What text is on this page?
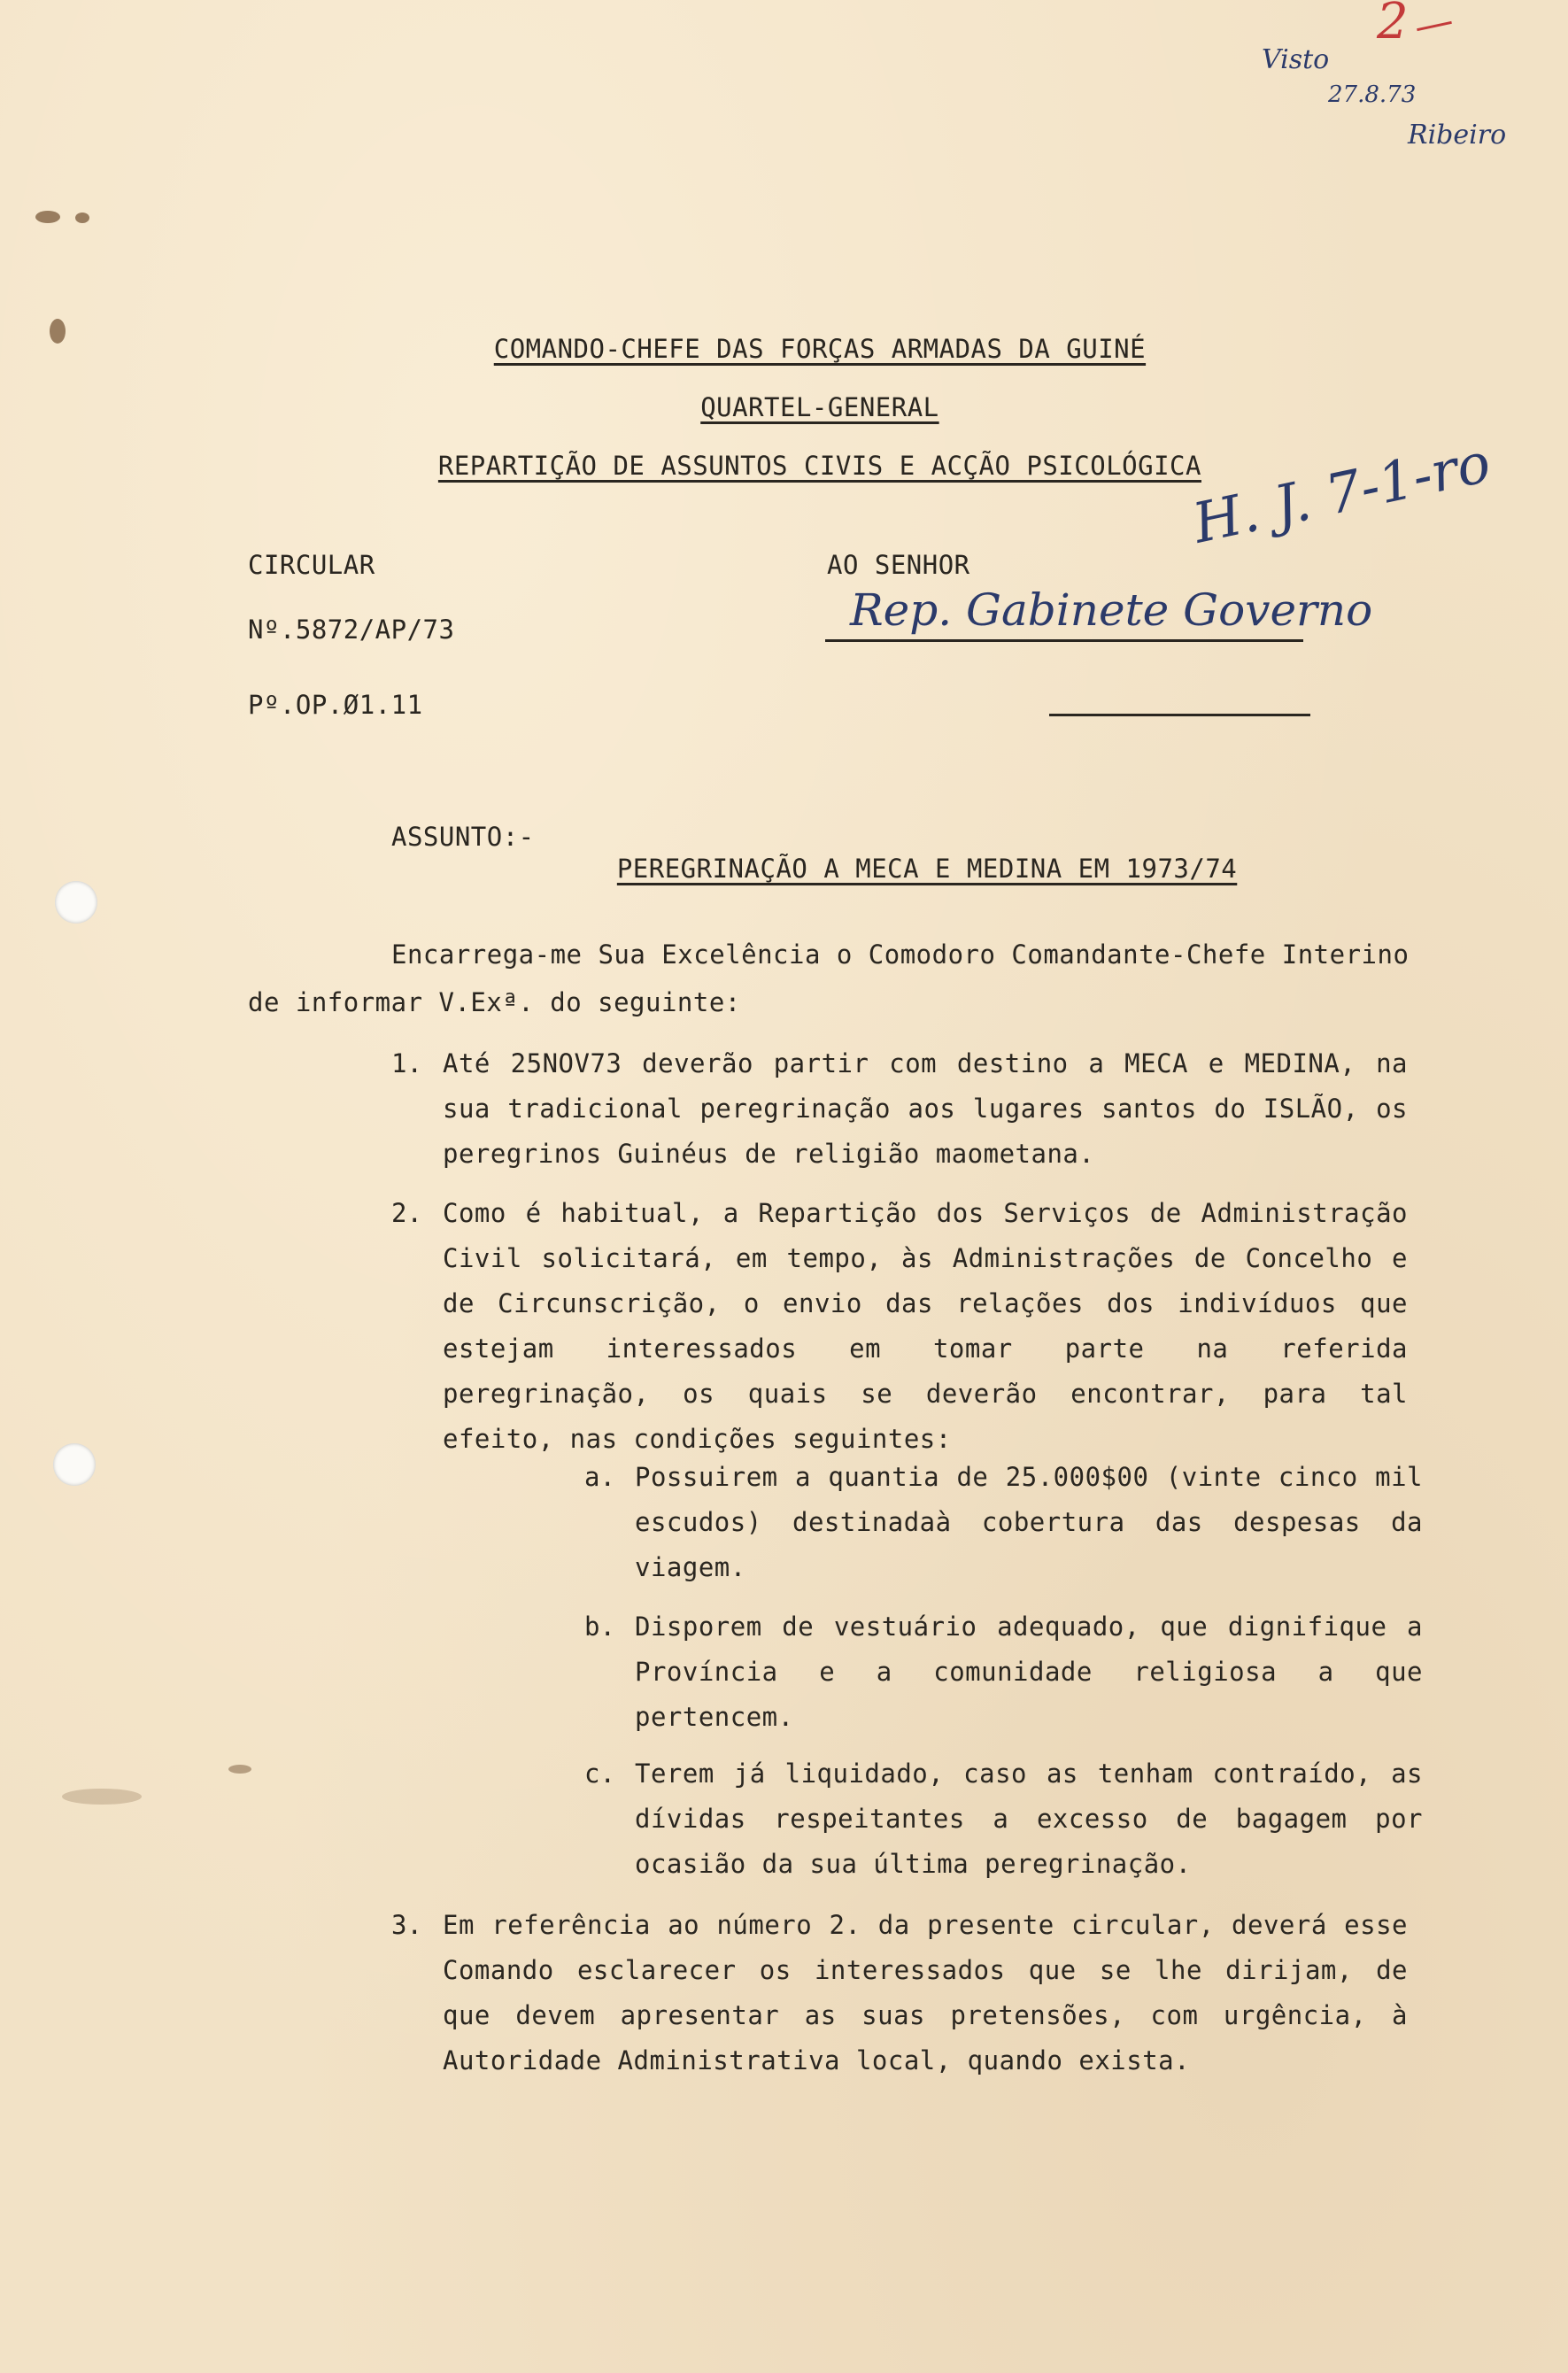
2
Visto
27.8.73
Ribeiro
H. J. 7-1-ro
Rep. Gabinete Governo

COMANDO-CHEFE DAS FORÇAS ARMADAS DA GUINÉ

QUARTEL-GENERAL

REPARTIÇÃO DE ASSUNTOS CIVIS E ACÇÃO PSICOLÓGICA

CIRCULAR
Nº.5872/AP/73
Pº.OP.Ø1.11
AO SENHOR
ASSUNTO:-

PEREGRINAÇÃO A MECA E MEDINA EM 1973/74

Encarrega-me Sua Excelência o Comodoro Comandante-Chefe Interino
de informar V.Exª. do seguinte:
1. Até 25NOV73 deverão partir com destino a MECA e MEDINA, na sua tradicional peregrinação aos lugares santos do ISLÃO, os peregrinos Guinéus de religião maometana.
2. Como é habitual, a Repartição dos Serviços de Administração Civil solicitará, em tempo, às Administrações de Concelho e de Circunscrição, o envio das relações dos indivíduos que estejam interessados em tomar parte na referida peregrinação, os quais se deverão encontrar, para tal efeito, nas condições seguintes:
a. Possuirem a quantia de 25.000$00 (vinte cinco mil escudos) destinadaà cobertura das despesas da viagem.
b. Disporem de vestuário adequado, que dignifique a Província e a comunidade religiosa a que pertencem.
c. Terem já liquidado, caso as tenham contraído, as dívidas respeitantes a excesso de bagagem por ocasião da sua última peregrinação.
3. Em referência ao número 2. da presente circular, deverá esse Comando esclarecer os interessados que se lhe dirijam, de que devem apresentar as suas pretensões, com urgência, à Autoridade Administrativa local, quando exista.
